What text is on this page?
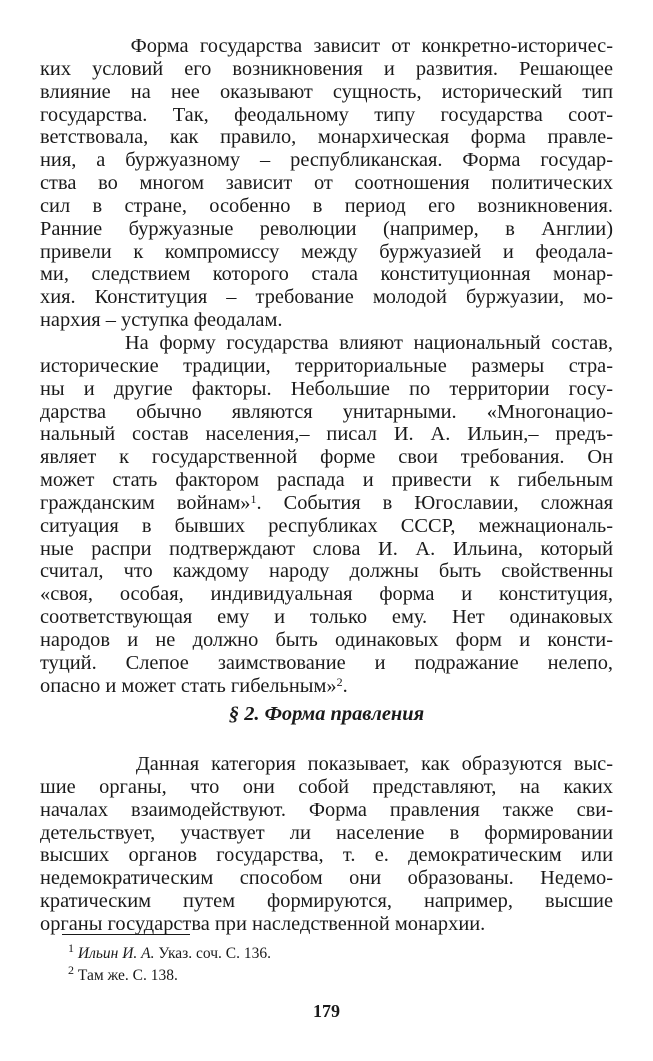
Форма государства зависит от конкретно-историчес-
ких условий его возникновения и развития. Решающее
влияние на нее оказывают сущность, исторический тип
государства. Так, феодальному типу государства соот-
ветствовала, как правило, монархическая форма правле-
ния, а буржуазному – республиканская. Форма государ-
ства во многом зависит от соотношения политических
сил в стране, особенно в период его возникновения.
Ранние буржуазные революции (например, в Англии)
привели к компромиссу между буржуазией и феодала-
ми, следствием которого стала конституционная монар-
хия. Конституция – требование молодой буржуазии, мо-
нархия – уступка феодалам.
На форму государства влияют национальный состав,
исторические традиции, территориальные размеры стра-
ны и другие факторы. Небольшие по территории госу-
дарства обычно являются унитарными. «Многонацио-
нальный состав населения,– писал И. А. Ильин,– предъ-
являет к государственной форме свои требования. Он
может стать фактором распада и привести к гибельным
гражданским войнам»$^1$. События в Югославии, сложная
ситуация в бывших республиках СССР, межнациональ-
ные распри подтверждают слова И. А. Ильина, который
считал, что каждому народу должны быть свойственны
«своя, особая, индивидуальная форма и конституция,
соответствующая ему и только ему. Нет одинаковых
народов и не должно быть одинаковых форм и консти-
туций. Слепое заимствование и подражание нелепо,
опасно и может стать гибельным»$^2$.
§ 2. Форма правления
Данная категория показывает, как образуются выс-
шие органы, что они собой представляют, на каких
началах взаимодействуют. Форма правления также сви-
детельствует, участвует ли население в формировании
высших органов государства, т. е. демократическим или
недемократическим способом они образованы. Недемо-
кратическим путем формируются, например, высшие
органы государства при наследственной монархии.
$^1$ Ильин И. А. Указ. соч. С. 136.
$^2$ Там же. С. 138.
179
